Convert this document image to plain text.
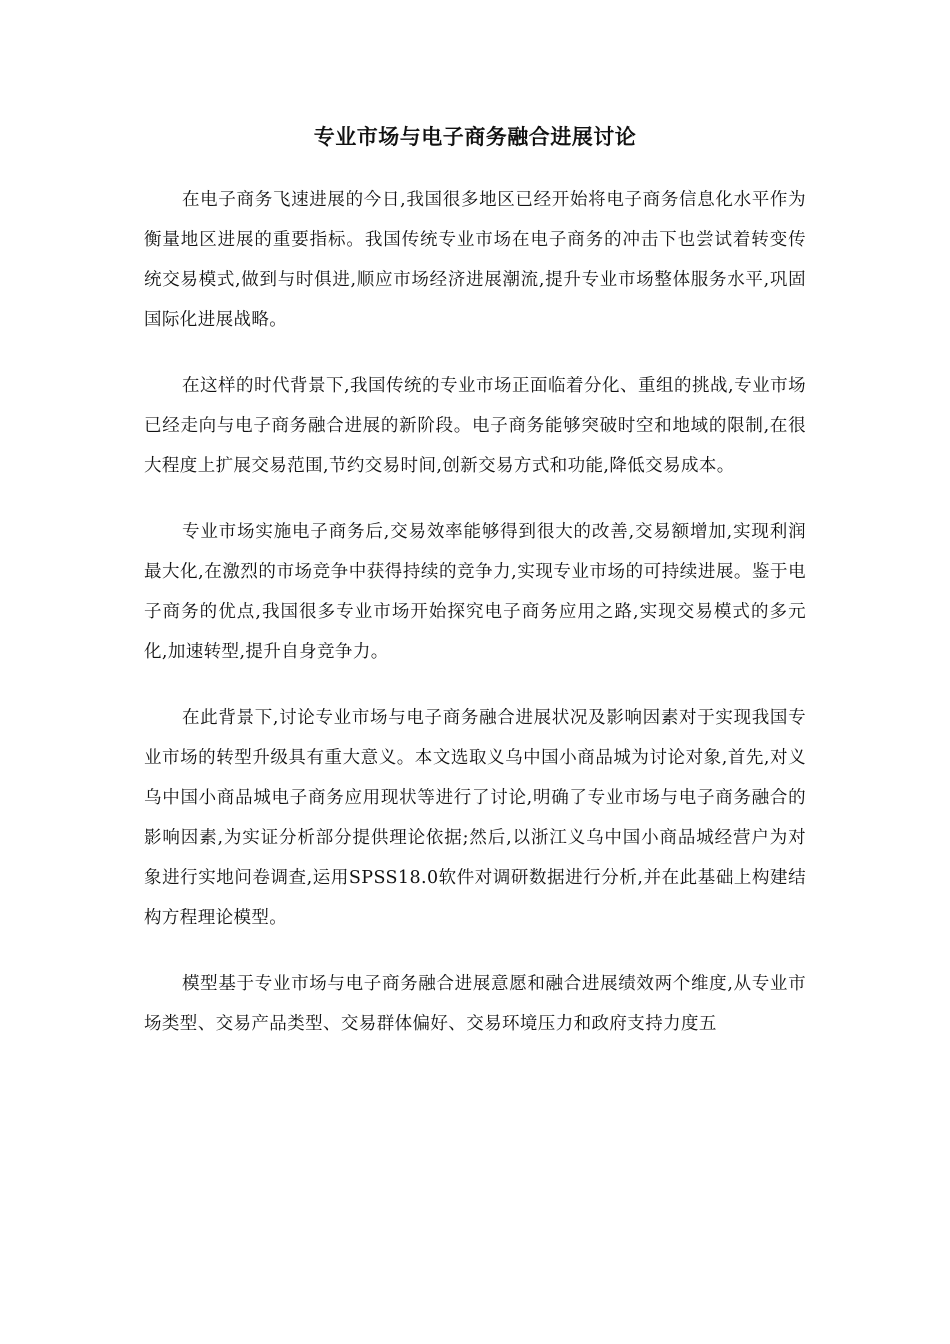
专业市场与电子商务融合进展讨论

在电子商务飞速进展的今日,我国很多地区已经开始将电子商务信息化水平作为衡量地区进展的重要指标。我国传统专业市场在电子商务的冲击下也尝试着转变传统交易模式,做到与时俱进,顺应市场经济进展潮流,提升专业市场整体服务水平,巩固国际化进展战略。

在这样的时代背景下,我国传统的专业市场正面临着分化、重组的挑战,专业市场已经走向与电子商务融合进展的新阶段。电子商务能够突破时空和地域的限制,在很大程度上扩展交易范围,节约交易时间,创新交易方式和功能,降低交易成本。

专业市场实施电子商务后,交易效率能够得到很大的改善,交易额增加,实现利润最大化,在激烈的市场竞争中获得持续的竞争力,实现专业市场的可持续进展。鉴于电子商务的优点,我国很多专业市场开始探究电子商务应用之路,实现交易模式的多元化,加速转型,提升自身竞争力。

在此背景下,讨论专业市场与电子商务融合进展状况及影响因素对于实现我国专业市场的转型升级具有重大意义。本文选取义乌中国小商品城为讨论对象,首先,对义乌中国小商品城电子商务应用现状等进行了讨论,明确了专业市场与电子商务融合的影响因素,为实证分析部分提供理论依据;然后,以浙江义乌中国小商品城经营户为对象进行实地问卷调查,运用SPSS18.0软件对调研数据进行分析,并在此基础上构建结构方程理论模型。

模型基于专业市场与电子商务融合进展意愿和融合进展绩效两个维度,从专业市场类型、交易产品类型、交易群体偏好、交易环境压力和政府支持力度五
